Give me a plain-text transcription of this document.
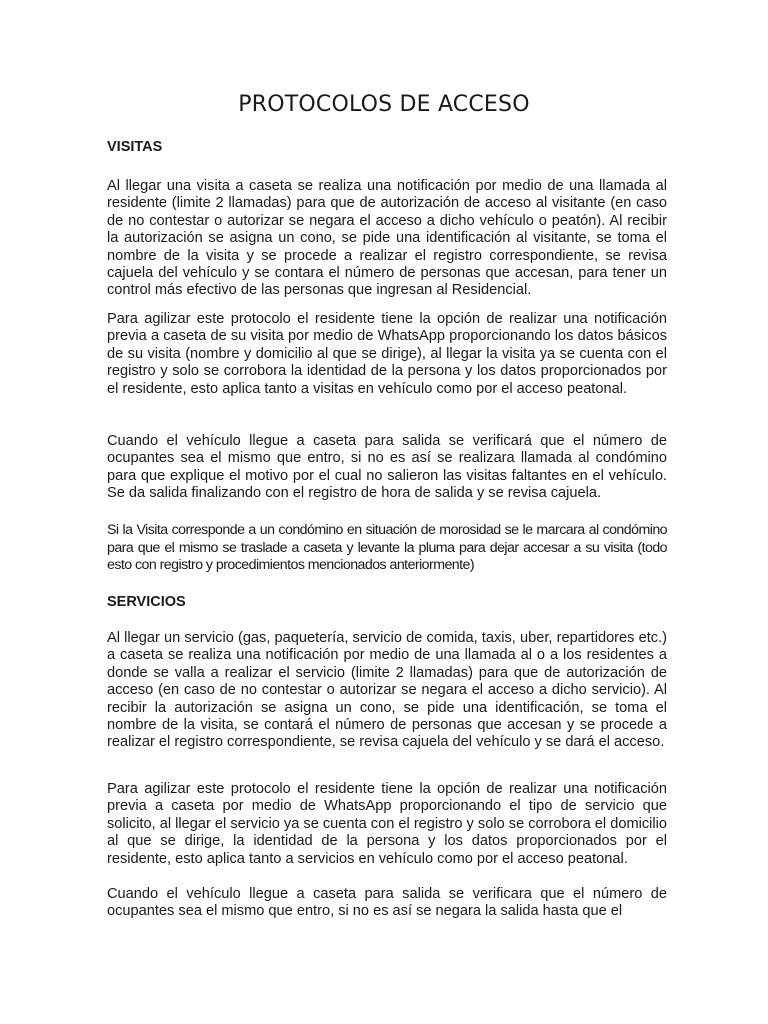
PROTOCOLOS DE ACCESO
VISITAS

Al llegar una visita a caseta se realiza una notificación por medio de una llamada al residente (limite 2 llamadas) para que de autorización de acceso al visitante (en caso de no contestar o autorizar se negara el acceso a dicho vehículo o peatón). Al recibir la autorización se asigna un cono, se pide una identificación al visitante, se toma el nombre de la visita y se procede a realizar el registro correspondiente, se revisa cajuela del vehículo y se contara el número de personas que accesan, para tener un control más efectivo de las personas que ingresan al Residencial.

Para agilizar este protocolo el residente tiene la opción de realizar una notificación previa a caseta de su visita por medio de WhatsApp proporcionando los datos básicos de su visita (nombre y domicilio al que se dirige), al llegar la visita ya se cuenta con el registro y solo se corrobora la identidad de la persona y los datos proporcionados por el residente, esto aplica tanto a visitas en vehículo como por el acceso peatonal.

Cuando el vehículo llegue a caseta para salida se verificará que el número de ocupantes sea el mismo que entro, si no es así se realizara llamada al condómino para que explique el motivo por el cual no salieron las visitas faltantes en el vehículo. Se da salida finalizando con el registro de hora de salida y se revisa cajuela.

Si la Visita corresponde a un condómino en situación de morosidad se le marcara al condómino para que el mismo se traslade a caseta y levante la pluma para dejar accesar a su visita (todo esto con registro y procedimientos mencionados anteriormente)

SERVICIOS

Al llegar un servicio (gas, paquetería, servicio de comida, taxis, uber, repartidores etc.) a caseta se realiza una notificación por medio de una llamada al o a los residentes a donde se valla a realizar el servicio (limite 2 llamadas) para que de autorización de acceso (en caso de no contestar o autorizar se negara el acceso a dicho servicio). Al recibir la autorización se asigna un cono, se pide una identificación, se toma el nombre de la visita, se contará el número de personas que accesan y se procede a realizar el registro correspondiente, se revisa cajuela del vehículo y se dará el acceso.

Para agilizar este protocolo el residente tiene la opción de realizar una notificación previa a caseta por medio de WhatsApp proporcionando el tipo de servicio que solicito, al llegar el servicio ya se cuenta con el registro y solo se corrobora el domicilio al que se dirige, la identidad de la persona y los datos proporcionados por el residente, esto aplica tanto a servicios en vehículo como por el acceso peatonal.

Cuando el vehículo llegue a caseta para salida se verificara que el número de ocupantes sea el mismo que entro, si no es así se negara la salida hasta que el
